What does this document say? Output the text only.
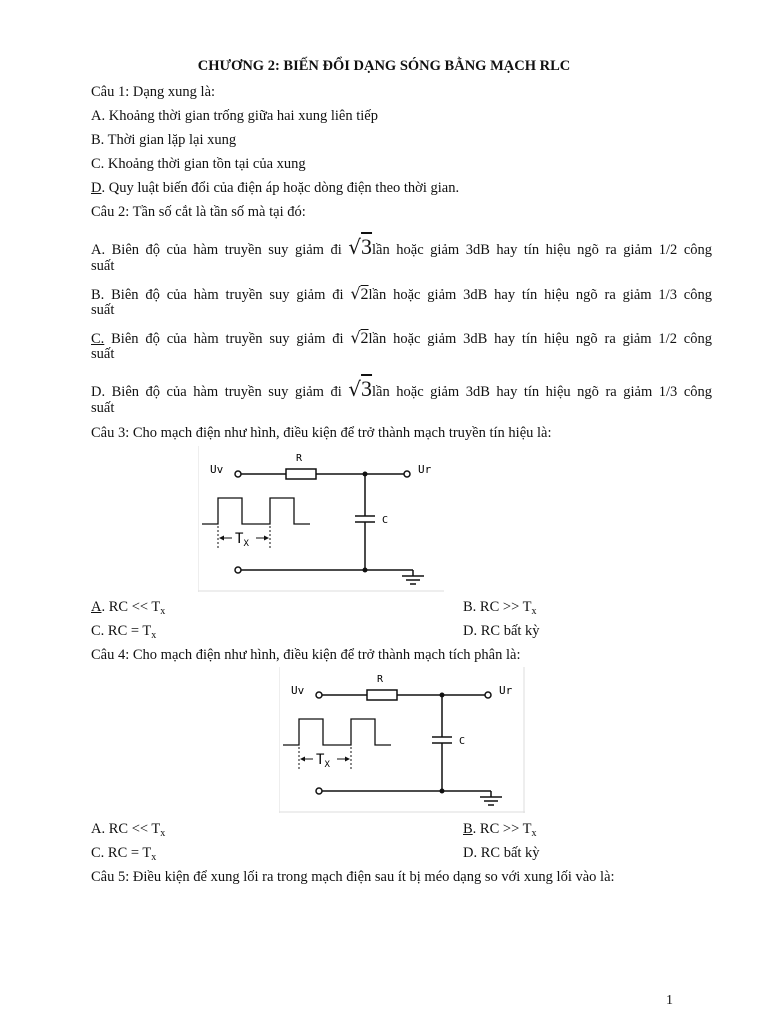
CHƯƠNG 2: BIẾN ĐỔI DẠNG SÓNG BẰNG MẠCH RLC
Câu 1: Dạng xung là:
A. Khoảng thời gian trống giữa hai xung liên tiếp
B. Thời gian lặp lại xung
C. Khoảng thời gian tồn tại của xung
D. Quy luật biến đổi của điện áp hoặc dòng điện theo thời gian.
Câu 2: Tần số cắt là tần số mà tại đó:
A. Biên độ của hàm truyền suy giảm đi √3lần hoặc giảm 3dB hay tín hiệu ngõ ra giảm 1/2 công
suất
B. Biên độ của hàm truyền suy giảm đi √2lần hoặc giảm 3dB hay tín hiệu ngõ ra giảm 1/3 công
suất
C. Biên độ của hàm truyền suy giảm đi √2lần hoặc giảm 3dB hay tín hiệu ngõ ra giảm 1/2 công
suất
D. Biên độ của hàm truyền suy giảm đi √3lần hoặc giảm 3dB hay tín hiệu ngõ ra giảm 1/3 công
suất
Câu 3: Cho mạch điện như hình, điều kiện để trở thành mạch truyền tín hiệu là:
Uv	Ur
R
C
$T_X$
A. RC << $T_x$	B. RC >> $T_x$
C. RC = $T_x$	D. RC bất kỳ
Câu 4: Cho mạch điện như hình, điều kiện để trở thành mạch tích phân là:
Uv	Ur
R
C
$T_X$
A. RC << $T_x$	B. RC >> $T_x$
C. RC = $T_x$	D. RC bất kỳ
Câu 5: Điều kiện để xung lối ra trong mạch điện sau ít bị méo dạng so với xung lối vào là:
1
